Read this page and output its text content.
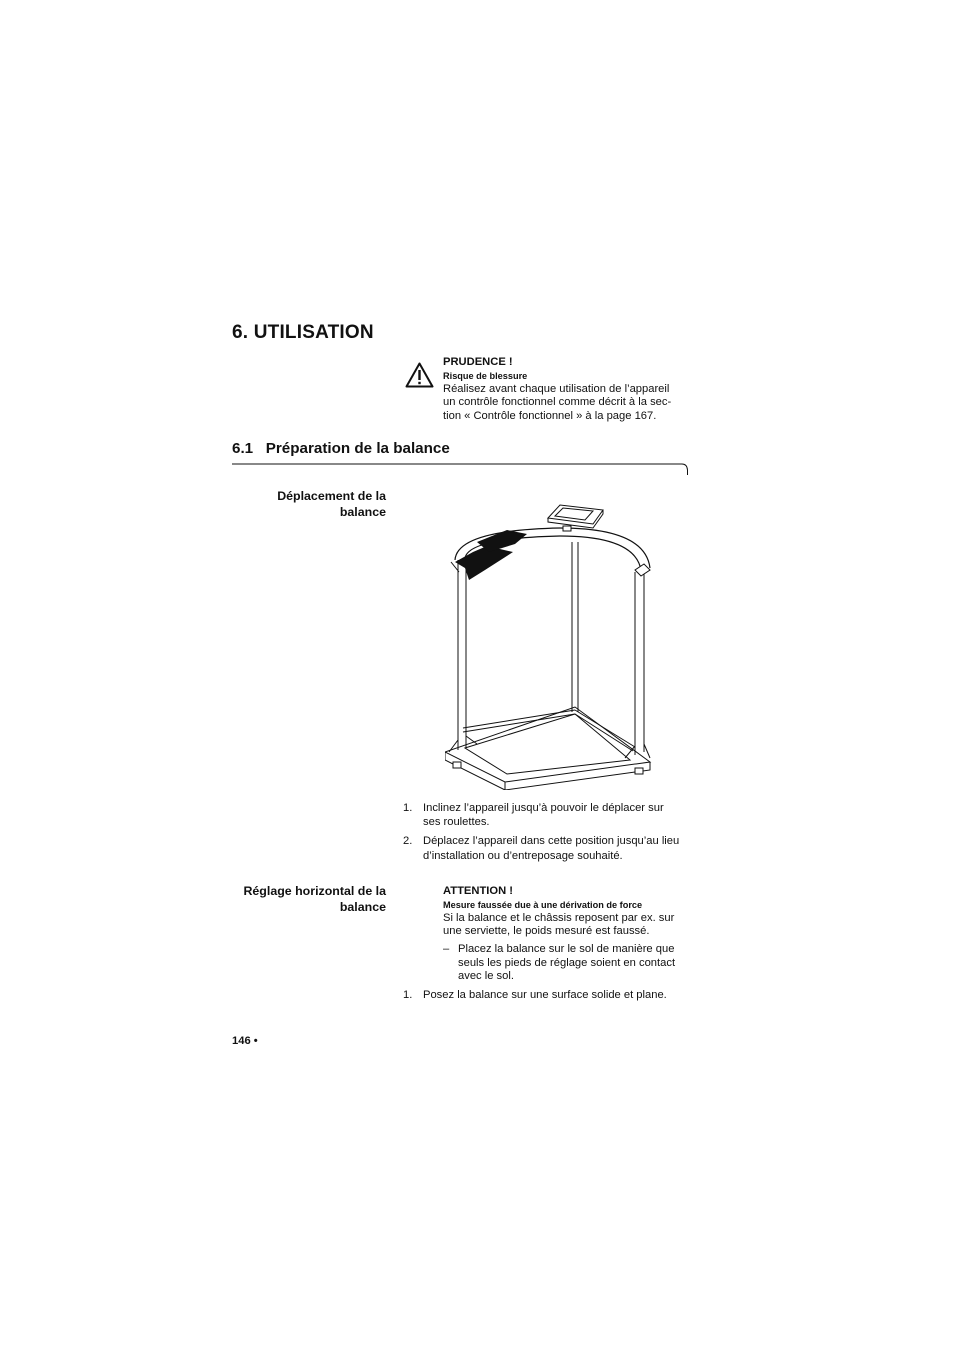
6. UTILISATION
PRUDENCE !
Risque de blessure
Réalisez avant chaque utilisation de l’appareil
un contrôle fonctionnel comme décrit à la sec-
tion « Contrôle fonctionnel » à la page 167.
6.1   Préparation de la balance
Déplacement de la
balance
1. Inclinez l’appareil jusqu’à pouvoir le déplacer sur
ses roulettes.
2. Déplacez l’appareil dans cette position jusqu’au lieu
d’installation ou d’entreposage souhaité.
Réglage horizontal de la
balance
ATTENTION !
Mesure faussée due à une dérivation de force
Si la balance et le châssis reposent par ex. sur
une serviette, le poids mesuré est faussé.
– Placez la balance sur le sol de manière que
seuls les pieds de réglage soient en contact
avec le sol.
1. Posez la balance sur une surface solide et plane.
146 •
